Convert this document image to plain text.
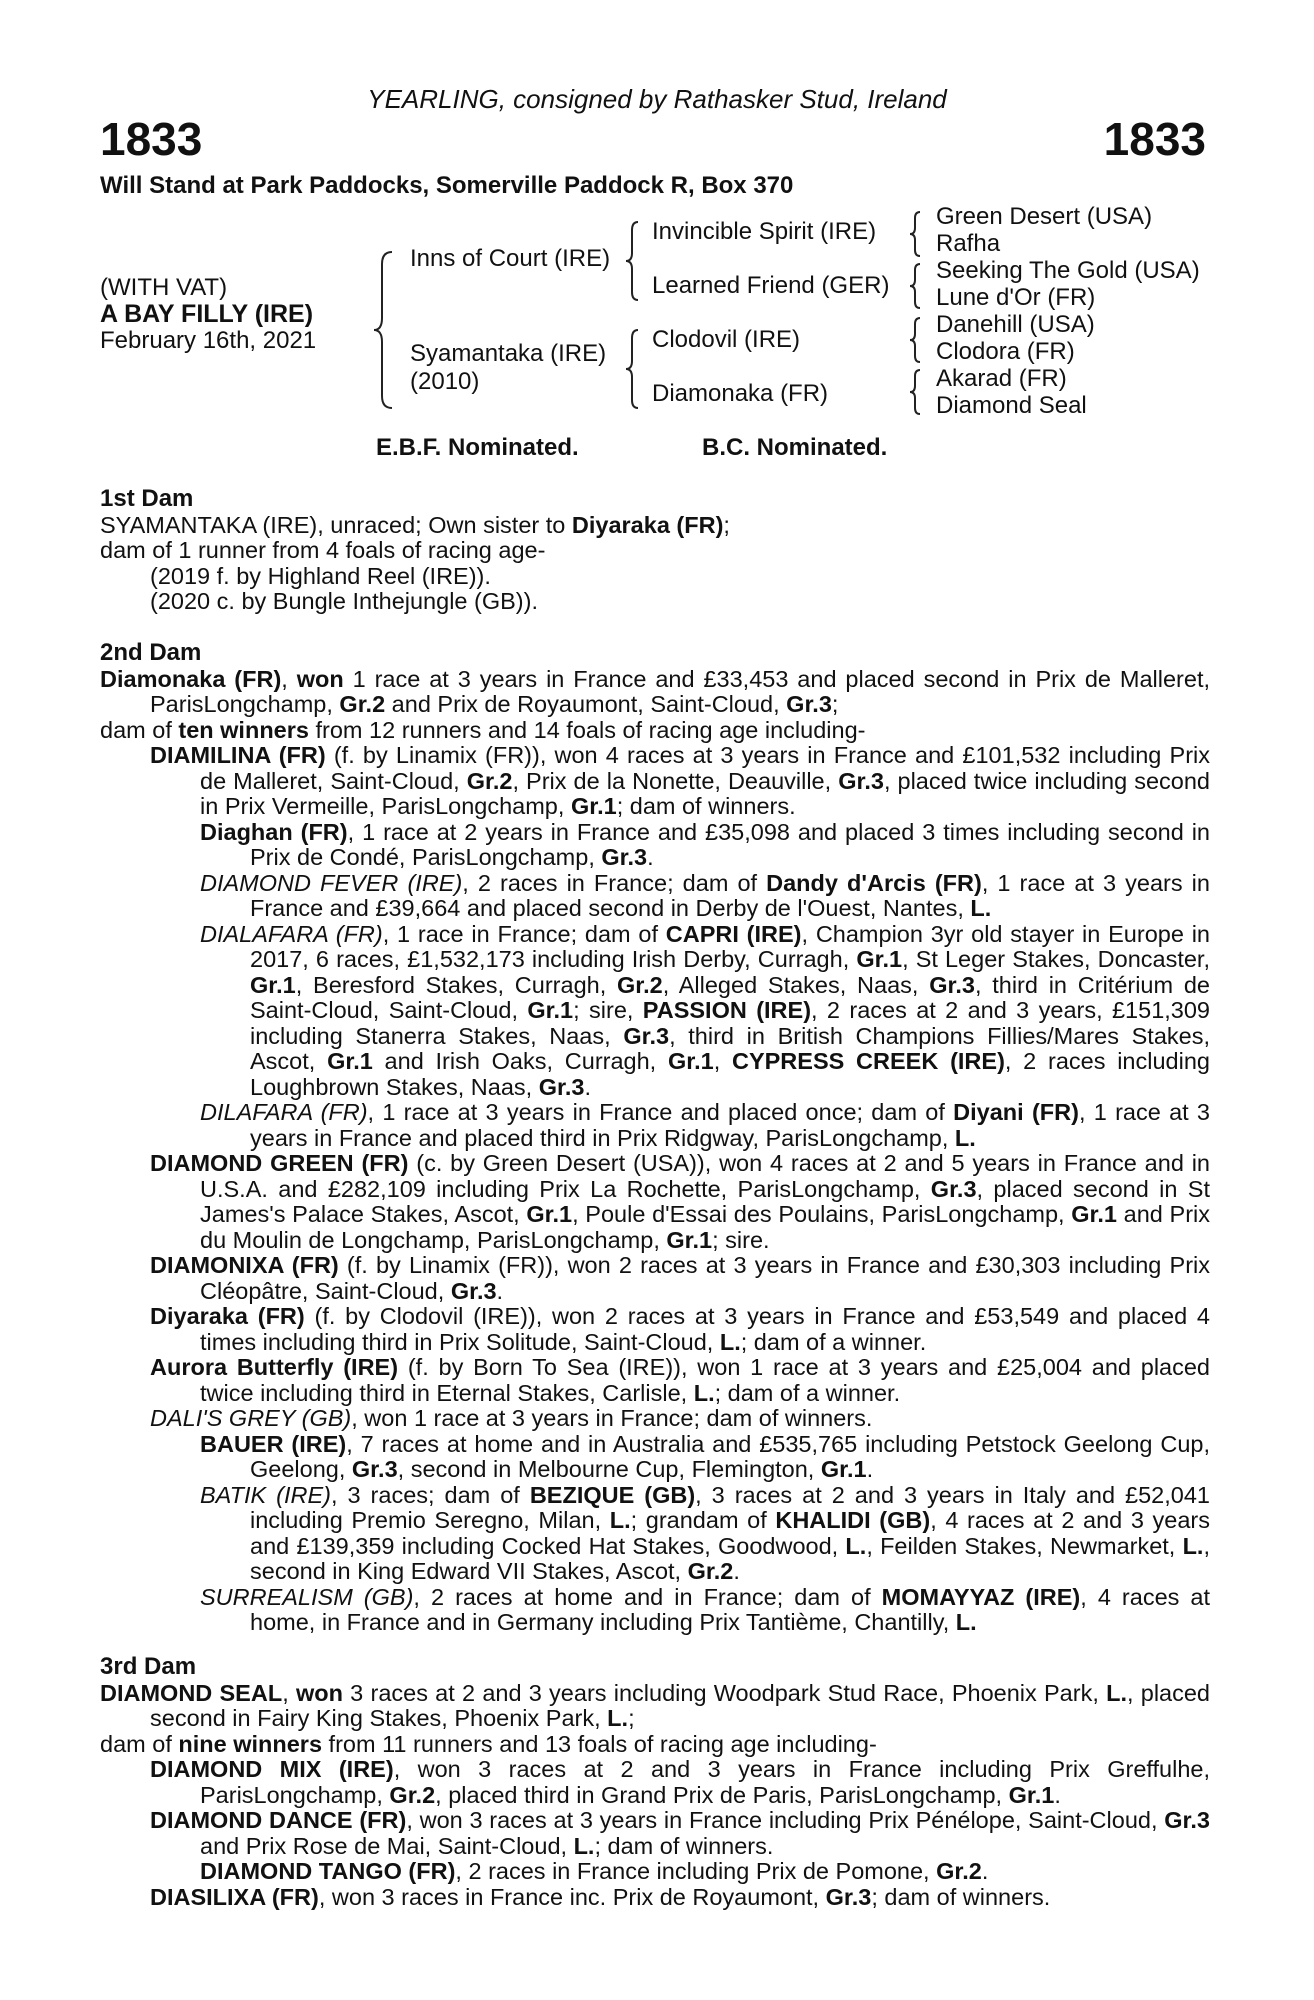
YEARLING, consigned by Rathasker Stud, Ireland
1833	1833
Will Stand at Park Paddocks, Somerville Paddock R, Box 370
(WITH VAT)
A BAY FILLY (IRE)
February 16th, 2021
Inns of Court (IRE)
Syamantaka (IRE)
(2010)
Invincible Spirit (IRE)
Learned Friend (GER)
Clodovil (IRE)
Diamonaka (FR)
Green Desert (USA)
Rafha
Seeking The Gold (USA)
Lune d'Or (FR)
Danehill (USA)
Clodora (FR)
Akarad (FR)
Diamond Seal
E.B.F. Nominated.	B.C. Nominated.
1st Dam

SYAMANTAKA (IRE), unraced; Own sister to Diyaraka (FR);

dam of 1 runner from 4 foals of racing age-

(2019 f. by Highland Reel (IRE)).

(2020 c. by Bungle Inthejungle (GB)).

2nd Dam

Diamonaka (FR), won 1 race at 3 years in France and £33,453 and placed second in Prix de Malleret, ParisLongchamp, Gr.2 and Prix de Royaumont, Saint-Cloud, Gr.3;

dam of ten winners from 12 runners and 14 foals of racing age including-

DIAMILINA (FR) (f. by Linamix (FR)), won 4 races at 3 years in France and £101,532 including Prix de Malleret, Saint-Cloud, Gr.2, Prix de la Nonette, Deauville, Gr.3, placed twice including second in Prix Vermeille, ParisLongchamp, Gr.1; dam of winners.

Diaghan (FR), 1 race at 2 years in France and £35,098 and placed 3 times including second in Prix de Condé, ParisLongchamp, Gr.3.

DIAMOND FEVER (IRE), 2 races in France; dam of Dandy d'Arcis (FR), 1 race at 3 years in France and £39,664 and placed second in Derby de l'Ouest, Nantes, L.

DIALAFARA (FR), 1 race in France; dam of CAPRI (IRE), Champion 3yr old stayer in Europe in 2017, 6 races, £1,532,173 including Irish Derby, Curragh, Gr.1, St Leger Stakes, Doncaster, Gr.1, Beresford Stakes, Curragh, Gr.2, Alleged Stakes, Naas, Gr.3, third in Critérium de Saint-Cloud, Saint-Cloud, Gr.1; sire, PASSION (IRE), 2 races at 2 and 3 years, £151,309 including Stanerra Stakes, Naas, Gr.3, third in British Champions Fillies/Mares Stakes, Ascot, Gr.1 and Irish Oaks, Curragh, Gr.1, CYPRESS CREEK (IRE), 2 races including Loughbrown Stakes, Naas, Gr.3.

DILAFARA (FR), 1 race at 3 years in France and placed once; dam of Diyani (FR), 1 race at 3 years in France and placed third in Prix Ridgway, ParisLongchamp, L.

DIAMOND GREEN (FR) (c. by Green Desert (USA)), won 4 races at 2 and 5 years in France and in U.S.A. and £282,109 including Prix La Rochette, ParisLongchamp, Gr.3, placed second in St James's Palace Stakes, Ascot, Gr.1, Poule d'Essai des Poulains, ParisLongchamp, Gr.1 and Prix du Moulin de Longchamp, ParisLongchamp, Gr.1; sire.

DIAMONIXA (FR) (f. by Linamix (FR)), won 2 races at 3 years in France and £30,303 including Prix Cléopâtre, Saint-Cloud, Gr.3.

Diyaraka (FR) (f. by Clodovil (IRE)), won 2 races at 3 years in France and £53,549 and placed 4 times including third in Prix Solitude, Saint-Cloud, L.; dam of a winner.

Aurora Butterfly (IRE) (f. by Born To Sea (IRE)), won 1 race at 3 years and £25,004 and placed twice including third in Eternal Stakes, Carlisle, L.; dam of a winner.

DALI'S GREY (GB), won 1 race at 3 years in France; dam of winners.

BAUER (IRE), 7 races at home and in Australia and £535,765 including Petstock Geelong Cup, Geelong, Gr.3, second in Melbourne Cup, Flemington, Gr.1.

BATIK (IRE), 3 races; dam of BEZIQUE (GB), 3 races at 2 and 3 years in Italy and £52,041 including Premio Seregno, Milan, L.; grandam of KHALIDI (GB), 4 races at 2 and 3 years and £139,359 including Cocked Hat Stakes, Goodwood, L., Feilden Stakes, Newmarket, L., second in King Edward VII Stakes, Ascot, Gr.2.

SURREALISM (GB), 2 races at home and in France; dam of MOMAYYAZ (IRE), 4 races at home, in France and in Germany including Prix Tantième, Chantilly, L.

3rd Dam

DIAMOND SEAL, won 3 races at 2 and 3 years including Woodpark Stud Race, Phoenix Park, L., placed second in Fairy King Stakes, Phoenix Park, L.;

dam of nine winners from 11 runners and 13 foals of racing age including-

DIAMOND MIX (IRE), won 3 races at 2 and 3 years in France including Prix Greffulhe, ParisLongchamp, Gr.2, placed third in Grand Prix de Paris, ParisLongchamp, Gr.1.

DIAMOND DANCE (FR), won 3 races at 3 years in France including Prix Pénélope, Saint-Cloud, Gr.3 and Prix Rose de Mai, Saint-Cloud, L.; dam of winners.

DIAMOND TANGO (FR), 2 races in France including Prix de Pomone, Gr.2.

DIASILIXA (FR), won 3 races in France inc. Prix de Royaumont, Gr.3; dam of winners.
